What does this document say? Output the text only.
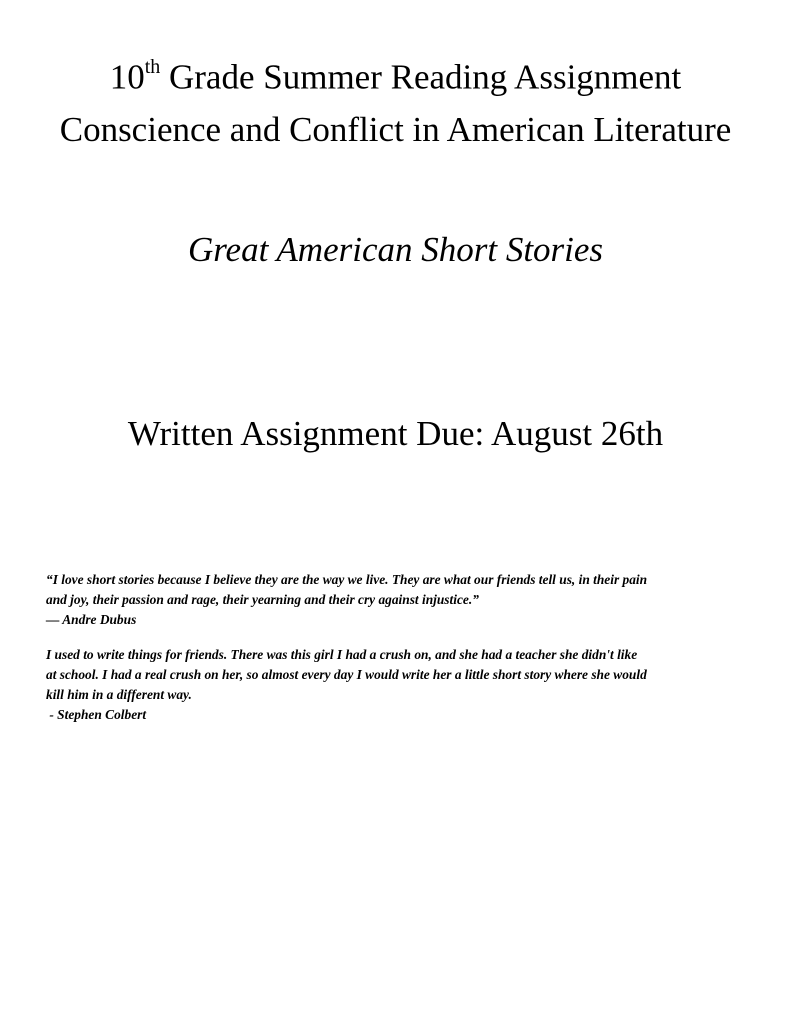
10th Grade Summer Reading Assignment
Conscience and Conflict in American Literature
Great American Short Stories
Written Assignment Due: August 26th
“I love short stories because I believe they are the way we live. They are what our friends tell us, in their pain
and joy, their passion and rage, their yearning and their cry against injustice.”
— Andre Dubus
I used to write things for friends. There was this girl I had a crush on, and she had a teacher she didn't like
at school. I had a real crush on her, so almost every day I would write her a little short story where she would
kill him in a different way.
- Stephen Colbert
